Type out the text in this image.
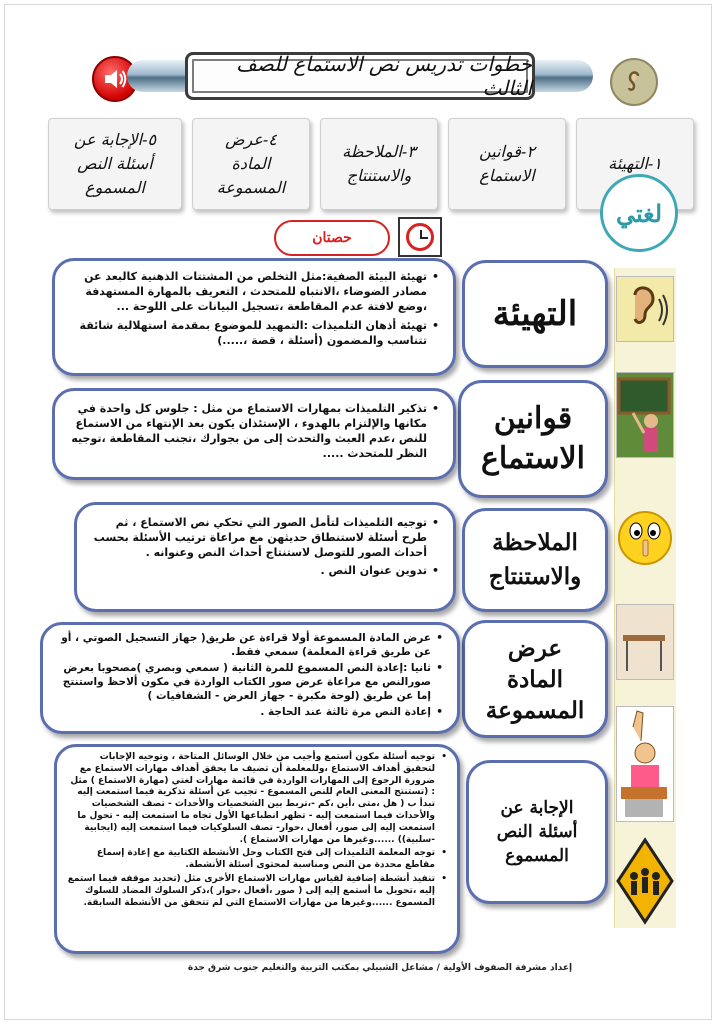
خطوات تدريس نص الاستماع للصف الثالث
١-التهيئة
٢-قوانين
الاستماع
٣-الملاحظة
والاستنتاج
٤-عرض
المادة
المسموعة
٥-الإجابة عن
أسئلة النص
المسموع
لغتي
حصتان
التهيئة
• تهيئة البيئة الصفية:مثل التخلص من المشتتات الذهنية كالبعد عن مصادر الضوضاء ،الانتباه للمتحدث ، التعريف بالمهارة المستهدفة ،وضع لافتة عدم المقاطعة ،تسجيل البيانات على اللوحة ...
• تهيئة أذهان التلميذات :التمهيد للموضوع بمقدمة استهلالية شائقة تتناسب والمضمون (أسئلة ، قصة ،.....)
قوانين
الاستماع
• تذكير التلميذات بمهارات الاستماع من مثل : جلوس كل واحدة في مكانها والإلتزام بالهدوء ، الإستئذان يكون بعد الإنتهاء من الاستماع للنص ،عدم العبث والتحدث إلى من بجوارك ،تجنب المقاطعة ،توجيه النظر للمتحدث .....
الملاحظة
والاستنتاج
• توجيه التلميذات لتأمل الصور التي تحكي نص الاستماع ، ثم طرح أسئلة لاستنطاق حديثهن مع مراعاة ترتيب الأسئلة بحسب أحداث الصور للتوصل لاستنتاج أحداث النص وعنوانه .
• تدوين عنوان النص .
عرض
المادة
المسموعة
• عرض المادة المسموعة أولا قراءة عن طريق( جهاز التسجيل الصوتي ، أو عن طريق قراءة المعلمة) سمعي فقط.
• ثانيا :إعادة النص المسموع للمرة الثانية ( سمعي وبصري )مصحوبا بعرض صورالنص مع مراعاة عرض صور الكتاب الواردة في مكون ألاحظ واستنتج إما عن طريق (لوحة مكبرة - جهاز العرض - الشفافيات )
• إعادة النص مرة ثالثة عند الحاجة .
الإجابة عن
أسئلة النص
المسموع
• توجيه أسئلة مكون أستمع وأجيب من خلال الوسائل المتاحة ، وتوجيه الإجابات لتحقيق أهداف الاستماع ،وللمعلمة أن تضيف ما يحقق أهداف مهارات الاستماع مع ضرورة الرجوع إلى المهارات الواردة في قائمة مهارات لغتي (مهارة الاستماع ) مثل : (تستنتج المعنى العام للنص المسموع - تجيب عن أسئلة تذكرية فيما استمعت إليه تبدأ ب ( هل ،متى ،أين ،كم -،تربط بين الشخصيات والأحداث - تصف الشخصيات والأحداث فيما استمعت إليه - تظهر انطباعها الأول تجاه ما استمعت إليه - تحول ما استمعت إليه إلى صور، أفعال ،حوار- تصف السلوكيات فيما استمعت إليه (ايجابية -سلبية)) ......وغيرها من مهارات الاستماع ).
• توجه المعلمة التلميذات إلى فتح الكتاب وحل الأنشطة الكتابية مع إعادة إسماع مقاطع محددة من النص ومناسبة لمحتوى أسئلة الأنشطة.
• تنفيذ أنشطة إضافية لقياس مهارات الاستماع الأخرى مثل (تحديد موقفه فيما استمع إليه ،تحويل ما أستمع إليه إلى ( صور ،أفعال ،حوار )،ذكر السلوك المضاد للسلوك المسموع ......وغيرها من مهارات الاستماع التي لم تتحقق من الأنشطة السابقة.
إعداد مشرفة الصفوف الأولية / مشاعل الشبيلي بمكتب التربية والتعليم جنوب شرق جدة
